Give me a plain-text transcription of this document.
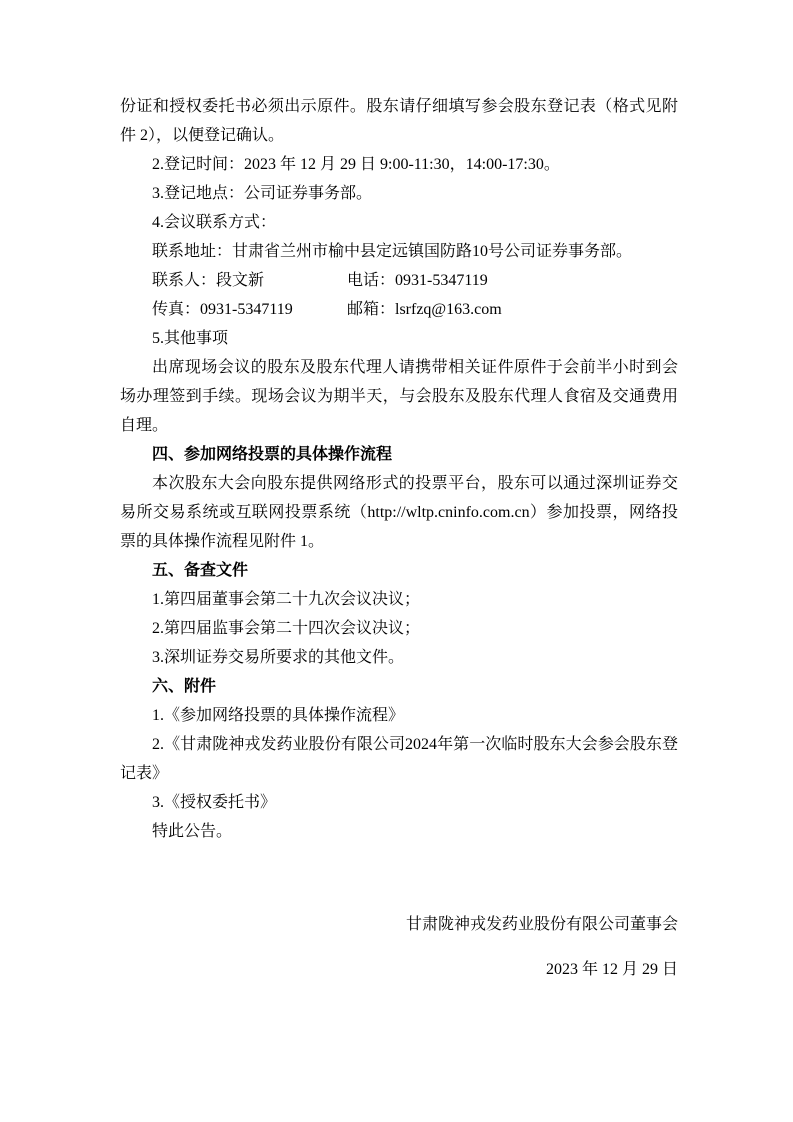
份证和授权委托书必须出示原件。股东请仔细填写参会股东登记表（格式见附件 2），以便登记确认。

2.登记时间：2023 年 12 月 29 日 9:00-11:30，14:00-17:30。

3.登记地点：公司证券事务部。

4.会议联系方式：

联系地址：甘肃省兰州市榆中县定远镇国防路10号公司证券事务部。

联系人：段文新	电话：0931-5347119
传真：0931-5347119	邮箱：lsrfzq@163.com

5.其他事项

出席现场会议的股东及股东代理人请携带相关证件原件于会前半小时到会场办理签到手续。现场会议为期半天，与会股东及股东代理人食宿及交通费用自理。

四、参加网络投票的具体操作流程

本次股东大会向股东提供网络形式的投票平台，股东可以通过深圳证券交易所交易系统或互联网投票系统（http://wltp.cninfo.com.cn）参加投票，网络投票的具体操作流程见附件 1。

五、备查文件

1.第四届董事会第二十九次会议决议；

2.第四届监事会第二十四次会议决议；

3.深圳证券交易所要求的其他文件。

六、附件

1.《参加网络投票的具体操作流程》

2.《甘肃陇神戎发药业股份有限公司2024年第一次临时股东大会参会股东登记表》

3.《授权委托书》

特此公告。

甘肃陇神戎发药业股份有限公司董事会

2023 年 12 月 29 日
